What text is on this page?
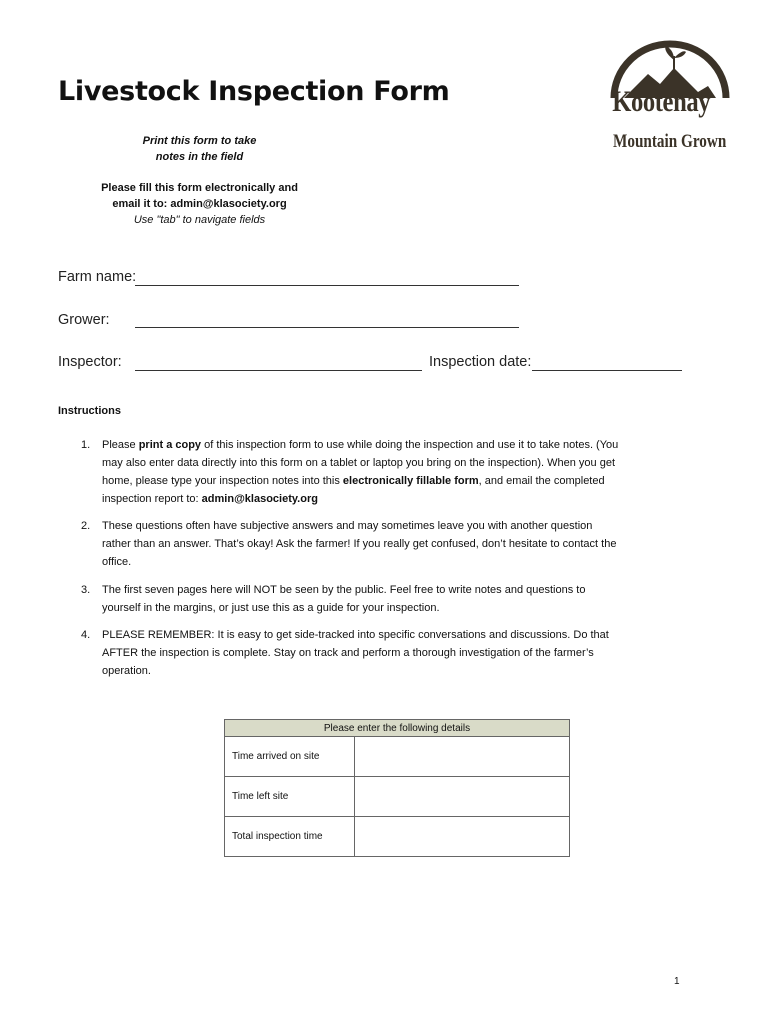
Livestock Inspection Form	Kootenay
Mountain Grown
Print this form to take
notes in the field
Please fill this form electronically and
email it to: admin@klasociety.org
Use "tab" to navigate fields
Farm name:
Grower:
Inspector:	Inspection date:
Instructions
1. Please print a copy of this inspection form to use while doing the inspection and use it to take notes. (You may also enter data directly into this form on a tablet or laptop you bring on the inspection). When you get home, please type your inspection notes into this electronically fillable form, and email the completed inspection report to: admin@klasociety.org
2. These questions often have subjective answers and may sometimes leave you with another question rather than an answer. That’s okay! Ask the farmer! If you really get confused, don’t hesitate to contact the office.
3. The first seven pages here will NOT be seen by the public. Feel free to write notes and questions to yourself in the margins, or just use this as a guide for your inspection.
4. PLEASE REMEMBER: It is easy to get side-tracked into specific conversations and discussions. Do that AFTER the inspection is complete. Stay on track and perform a thorough investigation of the farmer’s operation.
Please enter the following details	
Time arrived on site	
Time left site	
Total inspection time	
1
